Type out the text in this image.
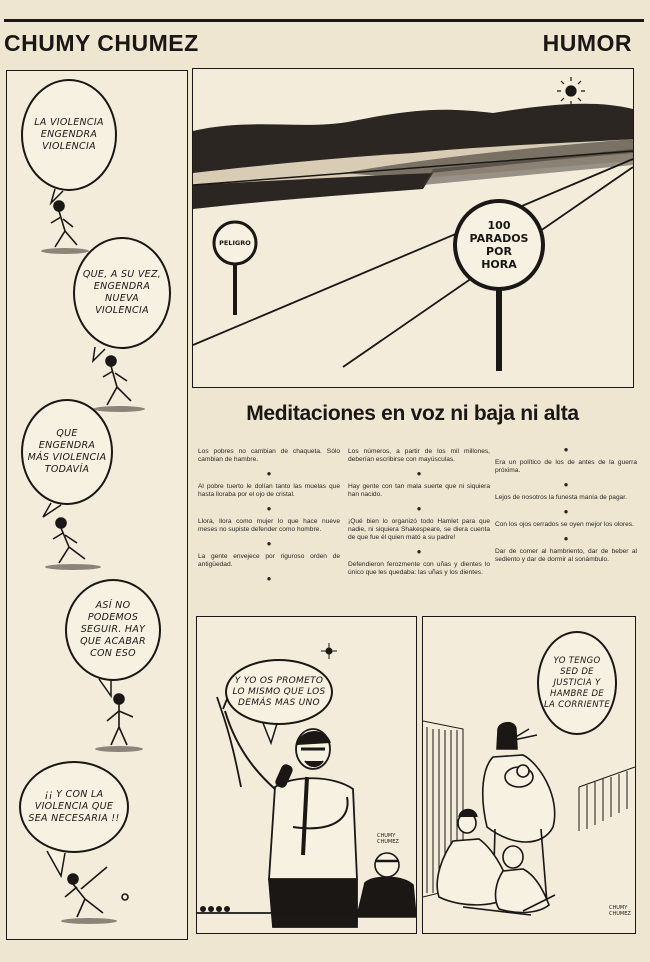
CHUMY CHUMEZ	HUMOR
LA VIOLENCIA ENGENDRA VIOLENCIA
QUE, A SU VEZ, ENGENDRA NUEVA VIOLENCIA
QUE ENGENDRA MÁS VIOLENCIA TODAVÍA
ASÍ NO PODEMOS SEGUIR. HAY QUE ACABAR CON ESO
¡¡ Y CON LA VIOLENCIA QUE SEA NECESARIA !!
PELIGRO
100 PARADOS POR HORA
Meditaciones en voz ni baja ni alta

Los pobres no cambian de chaqueta. Sólo cambian de hambre.

●

Al pobre tuerto le dolían tanto las muelas que hasta lloraba por el ojo de cristal.

●

Llora, llora como mujer lo que hace nueve meses no supiste defender como hombre.

●

La gente envejece por riguroso orden de antigüedad.

●

Los números, a partir de los mil millones, deberían escribirse con mayúsculas.

●

Hay gente con tan mala suerte que ni siquiera han nacido.

●

¡Qué bien lo organizó todo Hamlet para que nadie, ni siquiera Shakespeare, se diera cuenta de que fue él quien mató a su padre!

●

Defendieron ferozmente con uñas y dientes lo único que les quedaba: las uñas y los dientes.

●

Era un político de los de antes de la guerra próxima.

●

Lejos de nosotros la funesta manía de pagar.

●

Con los ojos cerrados se oyen mejor los olores.

●

Dar de comer al hambriento, dar de beber al sediento y dar de dormir al sonámbulo.

Y YO OS PROMETO LO MISMO QUE LOS DEMÁS MAS UNO
CHUMY CHUMEZ
YO TENGO SED DE JUSTICIA Y HAMBRE DE LA CORRIENTE
CHUMY CHUMEZ
